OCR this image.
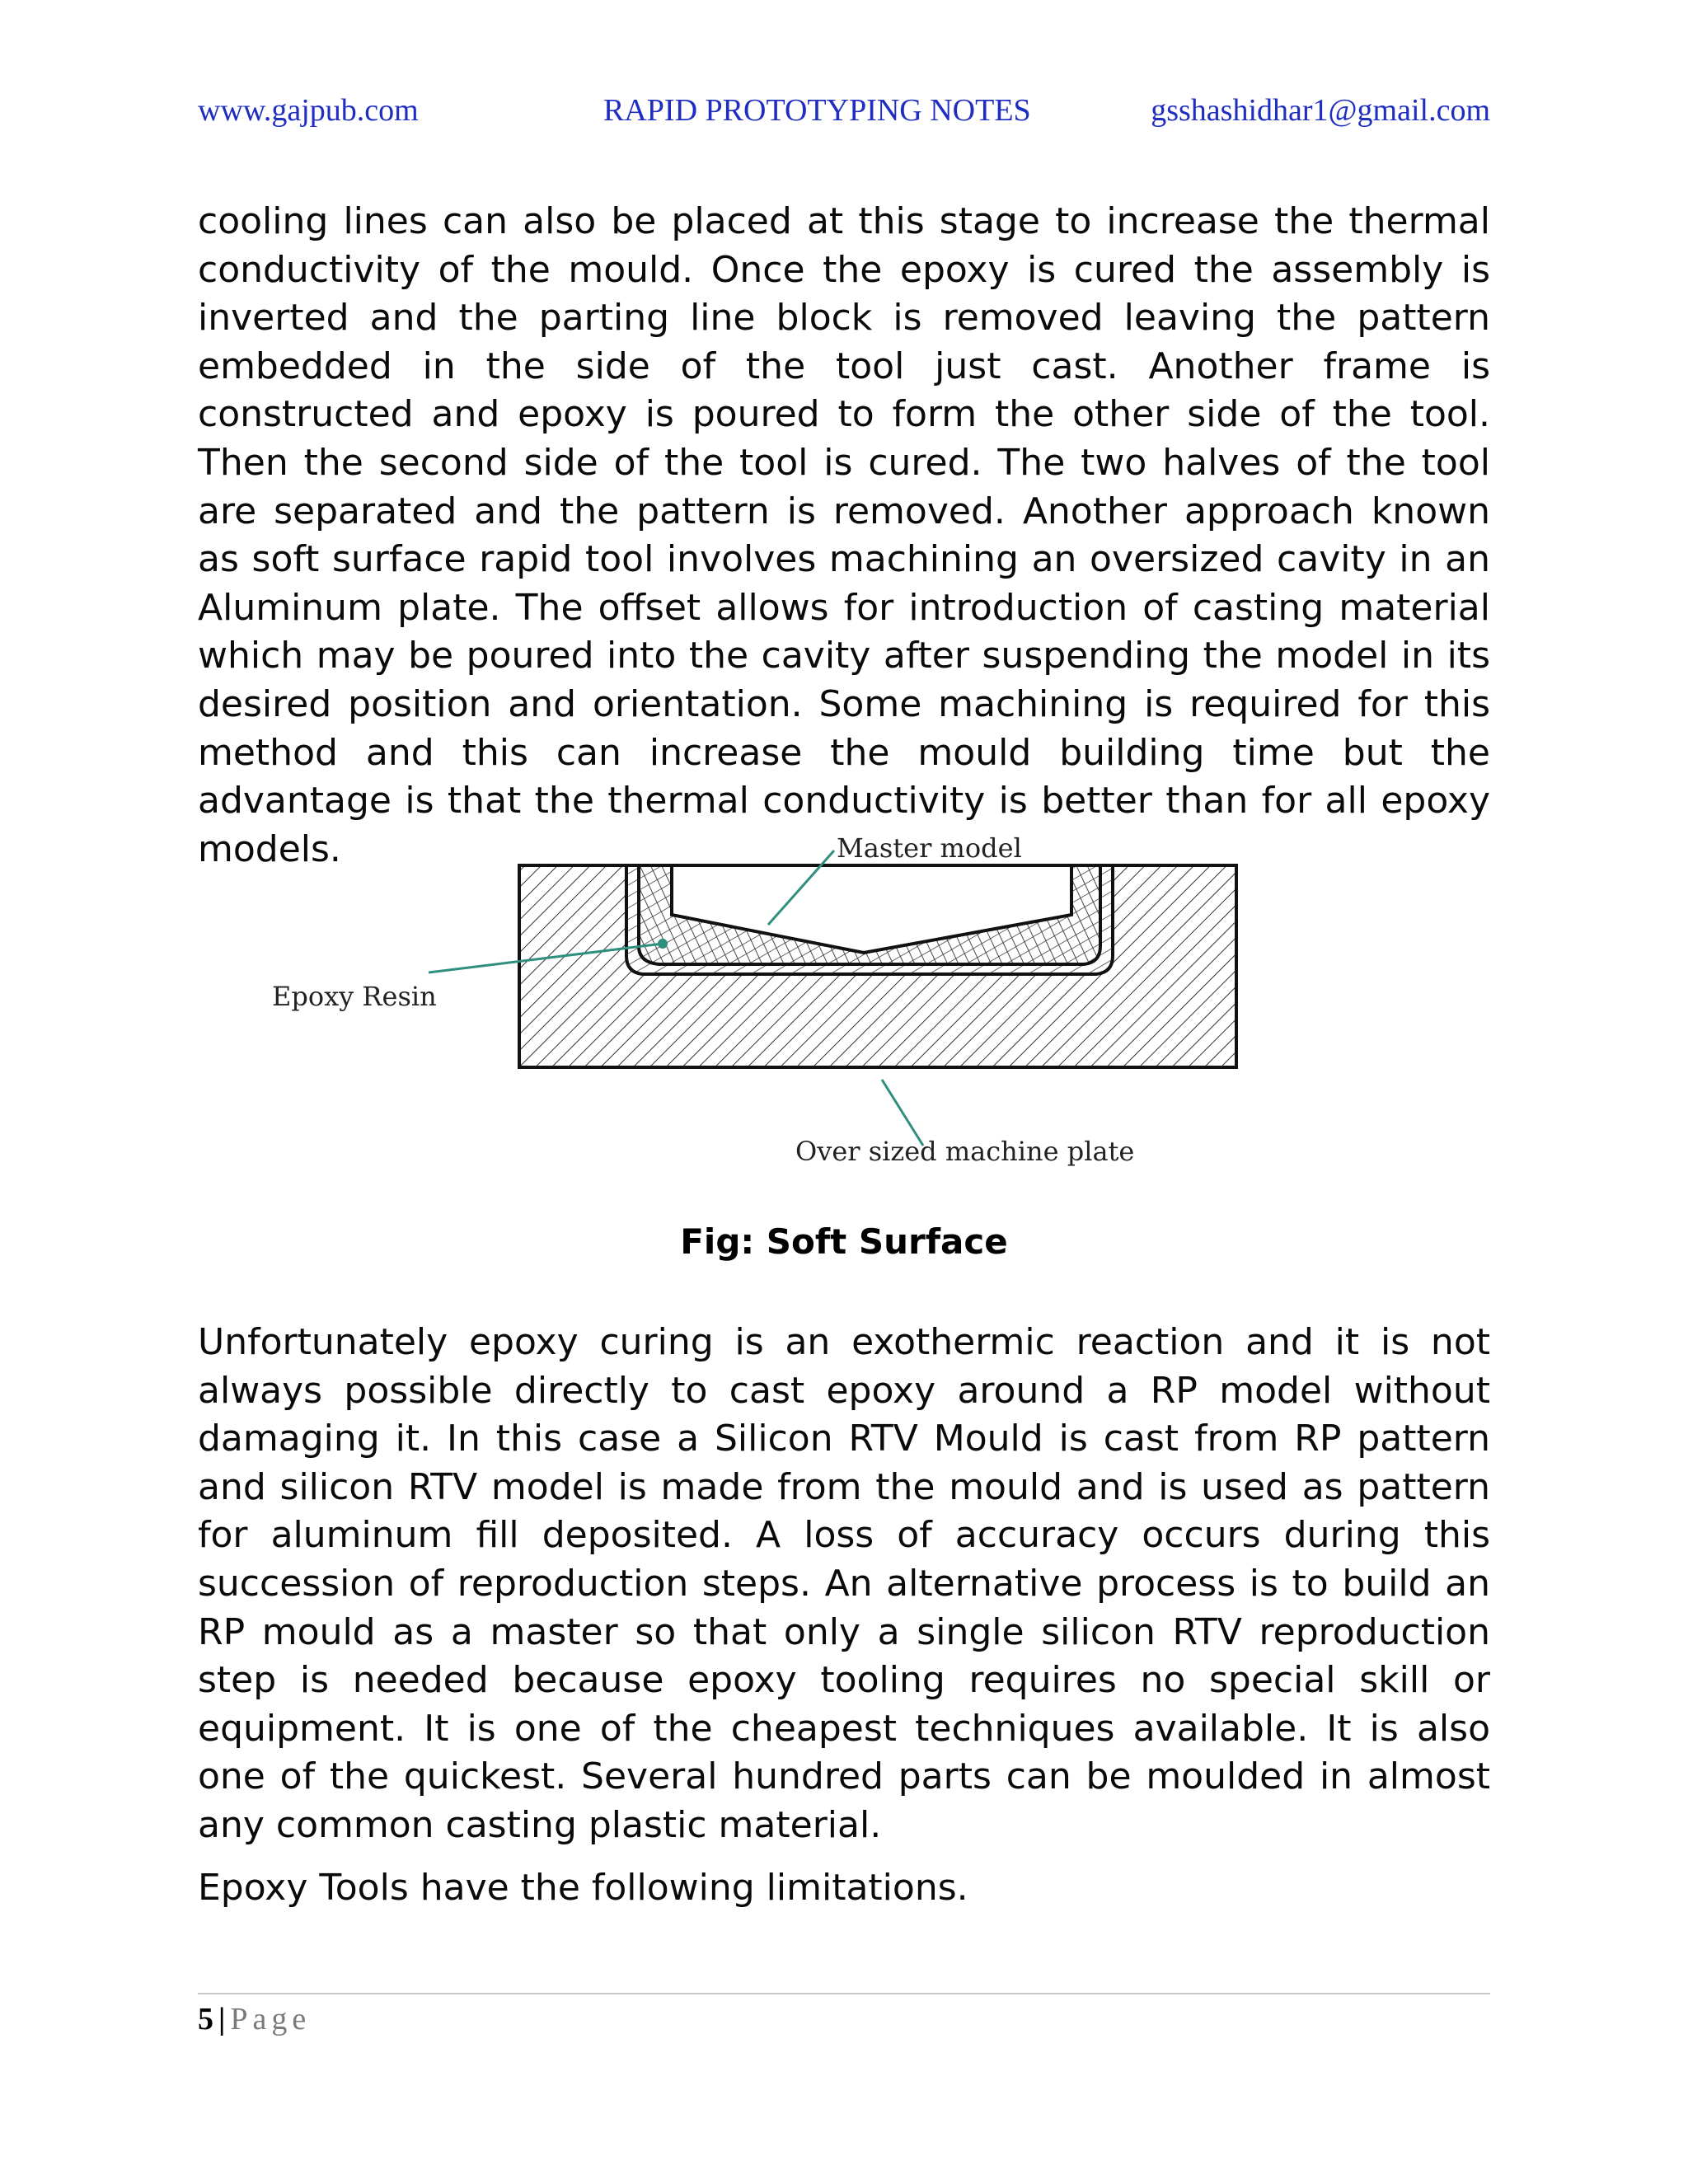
www.gajpub.com	RAPID PROTOTYPING NOTES	gsshashidhar1@gmail.com

cooling lines can also be placed at this stage to increase the thermal conductivity of the mould. Once the epoxy is cured the assembly is inverted and the parting line block is removed leaving the pattern embedded in the side of the tool just cast. Another frame is constructed and epoxy is poured to form the other side of the tool. Then the second side of the tool is cured. The two halves of the tool are separated and the pattern is removed. Another approach known as soft surface rapid tool involves machining an oversized cavity in an Aluminum plate. The offset allows for introduction of casting material which may be poured into the cavity after suspending the model in its desired position and orientation. Some machining is required for this method and this can increase the mould building time but the advantage is that the thermal conductivity is better than for all epoxy models.	Master model
Epoxy Resin
Over sized machine plate
Fig: Soft Surface

Unfortunately epoxy curing is an exothermic reaction and it is not always possible directly to cast epoxy around a RP model without damaging it. In this case a Silicon RTV Mould is cast from RP pattern and silicon RTV model is made from the mould and is used as pattern for aluminum fill deposited. A loss of accuracy occurs during this succession of reproduction steps. An alternative process is to build an RP mould as a master so that only a single silicon RTV reproduction step is needed because epoxy tooling requires no special skill or equipment. It is one of the cheapest techniques available. It is also one of the quickest. Several hundred parts can be moulded in almost any common casting plastic material.

Epoxy Tools have the following limitations.

5 | Page
